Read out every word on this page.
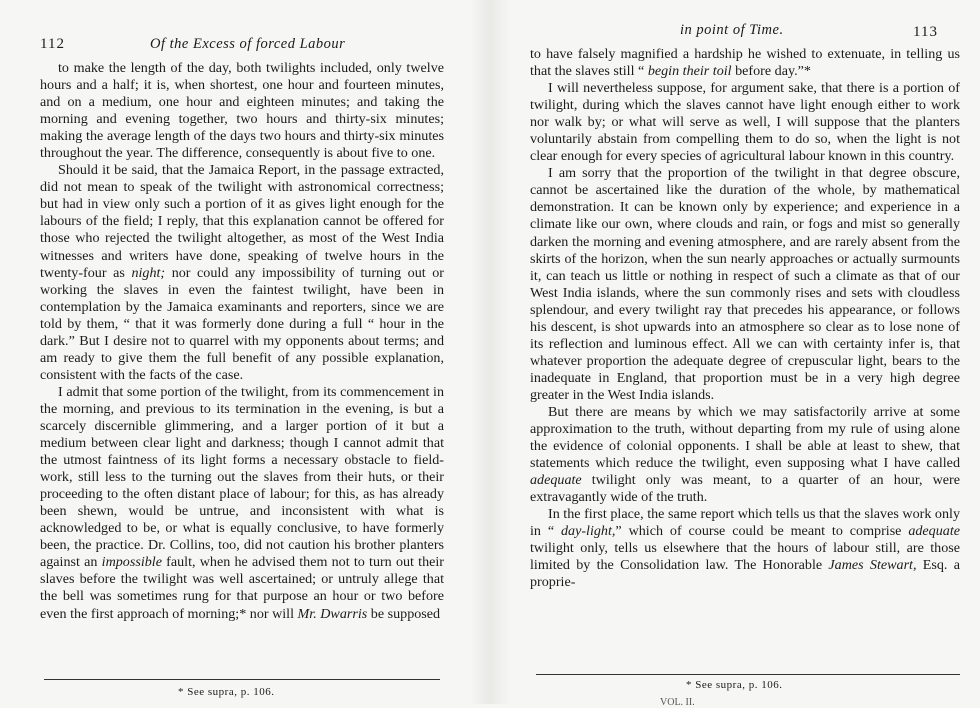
112	Of the Excess of forced Labour

to make the length of the day, both twilights included, only twelve hours and a half; it is, when shortest, one hour and fourteen minutes, and on a medium, one hour and eighteen minutes; and taking the morning and evening together, two hours and thirty-six minutes; making the average length of the days two hours and thirty-six minutes throughout the year. The difference, consequently is about five to one.

Should it be said, that the Jamaica Report, in the passage extracted, did not mean to speak of the twilight with astronomical correctness; but had in view only such a portion of it as gives light enough for the labours of the field; I reply, that this explanation cannot be offered for those who rejected the twilight altogether, as most of the West India witnesses and writers have done, speaking of twelve hours in the twenty-four as night; nor could any impossibility of turning out or working the slaves in even the faintest twilight, have been in contemplation by the Jamaica examinants and reporters, since we are told by them, “ that it was formerly done during a full “ hour in the dark.” But I desire not to quarrel with my opponents about terms; and am ready to give them the full benefit of any possible explanation, consistent with the facts of the case.

I admit that some portion of the twilight, from its commencement in the morning, and previous to its termination in the evening, is but a scarcely discernible glimmering, and a larger portion of it but a medium between clear light and darkness; though I cannot admit that the utmost faintness of its light forms a necessary obstacle to field-work, still less to the turning out the slaves from their huts, or their proceeding to the often distant place of labour; for this, as has already been shewn, would be untrue, and inconsistent with what is acknowledged to be, or what is equally conclusive, to have formerly been, the practice. Dr. Collins, too, did not caution his brother planters against an impossible fault, when he advised them not to turn out their slaves before the twilight was well ascertained; or untruly allege that the bell was sometimes rung for that purpose an hour or two before even the first approach of morning;* nor will Mr. Dwarris be supposed

* See supra, p. 106.
in point of Time.	113

to have falsely magnified a hardship he wished to extenuate, in telling us that the slaves still “ begin their toil before day.”*

I will nevertheless suppose, for argument sake, that there is a portion of twilight, during which the slaves cannot have light enough either to work nor walk by; or what will serve as well, I will suppose that the planters voluntarily abstain from compelling them to do so, when the light is not clear enough for every species of agricultural labour known in this country.

I am sorry that the proportion of the twilight in that degree obscure, cannot be ascertained like the duration of the whole, by mathematical demonstration. It can be known only by experience; and experience in a climate like our own, where clouds and rain, or fogs and mist so generally darken the morning and evening atmosphere, and are rarely absent from the skirts of the horizon, when the sun nearly approaches or actually surmounts it, can teach us little or nothing in respect of such a climate as that of our West India islands, where the sun commonly rises and sets with cloudless splendour, and every twilight ray that precedes his appearance, or follows his descent, is shot upwards into an atmosphere so clear as to lose none of its reflection and luminous effect. All we can with certainty infer is, that whatever proportion the adequate degree of crepuscular light, bears to the inadequate in England, that proportion must be in a very high degree greater in the West India islands.

But there are means by which we may satisfactorily arrive at some approximation to the truth, without departing from my rule of using alone the evidence of colonial opponents. I shall be able at least to shew, that statements which reduce the twilight, even supposing what I have called adequate twilight only was meant, to a quarter of an hour, were extravagantly wide of the truth.

In the first place, the same report which tells us that the slaves work only in “ day-light,” which of course could be meant to comprise adequate twilight only, tells us elsewhere that the hours of labour still, are those limited by the Consolidation law. The Honorable James Stewart, Esq. a proprie-

* See supra, p. 106.
VOL. II.
